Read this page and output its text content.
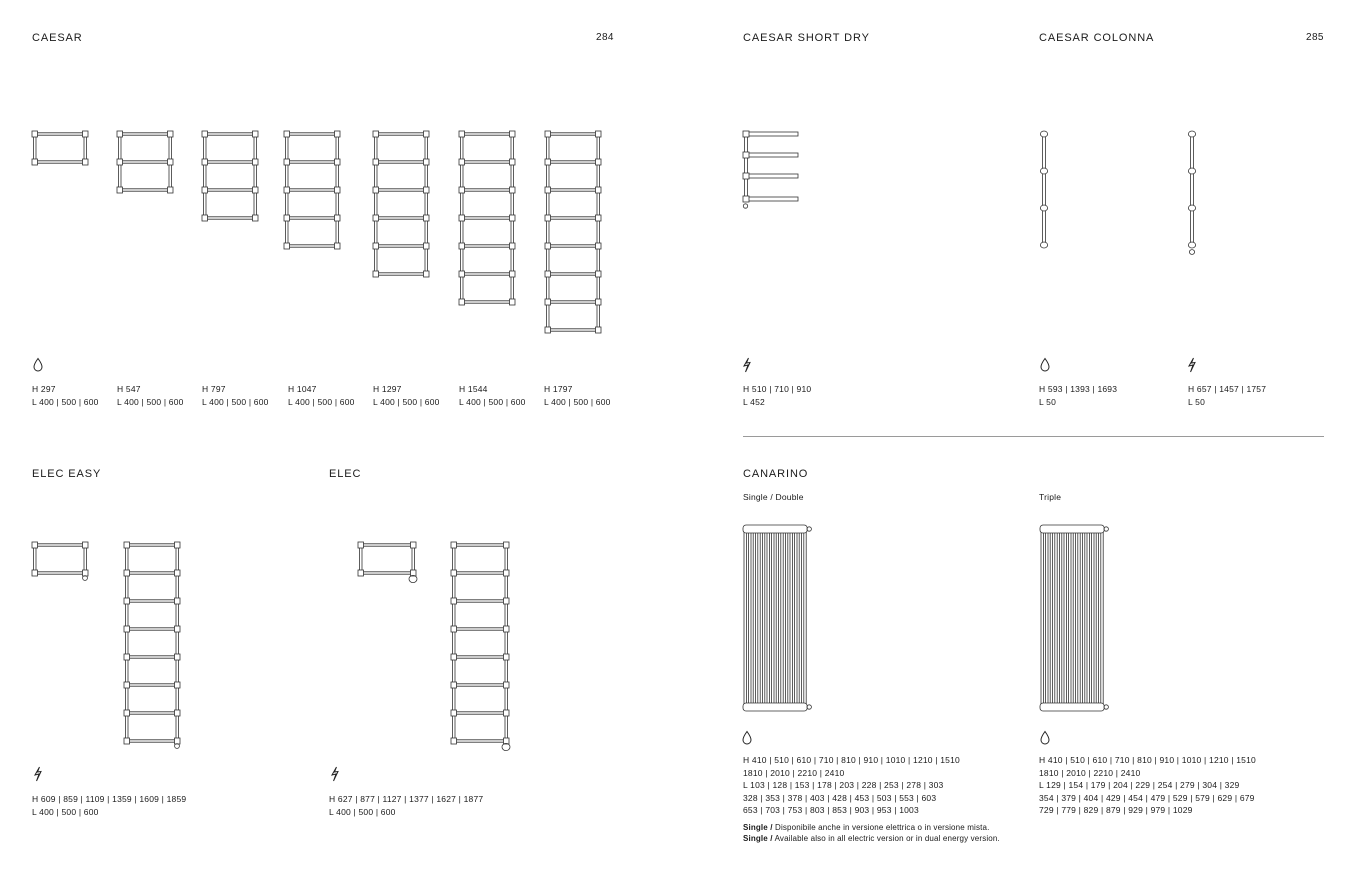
CAESAR	284
H 297
L 400 | 500 | 600
H 547
L 400 | 500 | 600
H 797
L 400 | 500 | 600
H 1047
L 400 | 500 | 600
H 1297
L 400 | 500 | 600
H 1544
L 400 | 500 | 600
H 1797
L 400 | 500 | 600
ELEC EASY	ELEC
H 609 | 859 | 1109 | 1359 | 1609 | 1859
L 400 | 500 | 600
H 627 | 877 | 1127 | 1377 | 1627 | 1877
L 400 | 500 | 600
CAESAR SHORT DRY	CAESAR COLONNA	285
H 510 | 710 | 910
L 452
H 593 | 1393 | 1693
L 50
H 657 | 1457 | 1757
L 50
CANARINO
Single / Double	Triple
H 410 | 510 | 610 | 710 | 810 | 910 | 1010 | 1210 | 1510
1810 | 2010 | 2210 | 2410
L 103 | 128 | 153 | 178 | 203 | 228 | 253 | 278 | 303
328 | 353 | 378 | 403 | 428 | 453 | 503 | 553 | 603
653 | 703 | 753 | 803 | 853 | 903 | 953 | 1003
H 410 | 510 | 610 | 710 | 810 | 910 | 1010 | 1210 | 1510
1810 | 2010 | 2210 | 2410
L 129 | 154 | 179 | 204 | 229 | 254 | 279 | 304 | 329
354 | 379 | 404 | 429 | 454 | 479 | 529 | 579 | 629 | 679
729 | 779 | 829 | 879 | 929 | 979 | 1029
Single / Disponibile anche in versione elettrica o in versione mista.
Single / Available also in all electric version or in dual energy version.
